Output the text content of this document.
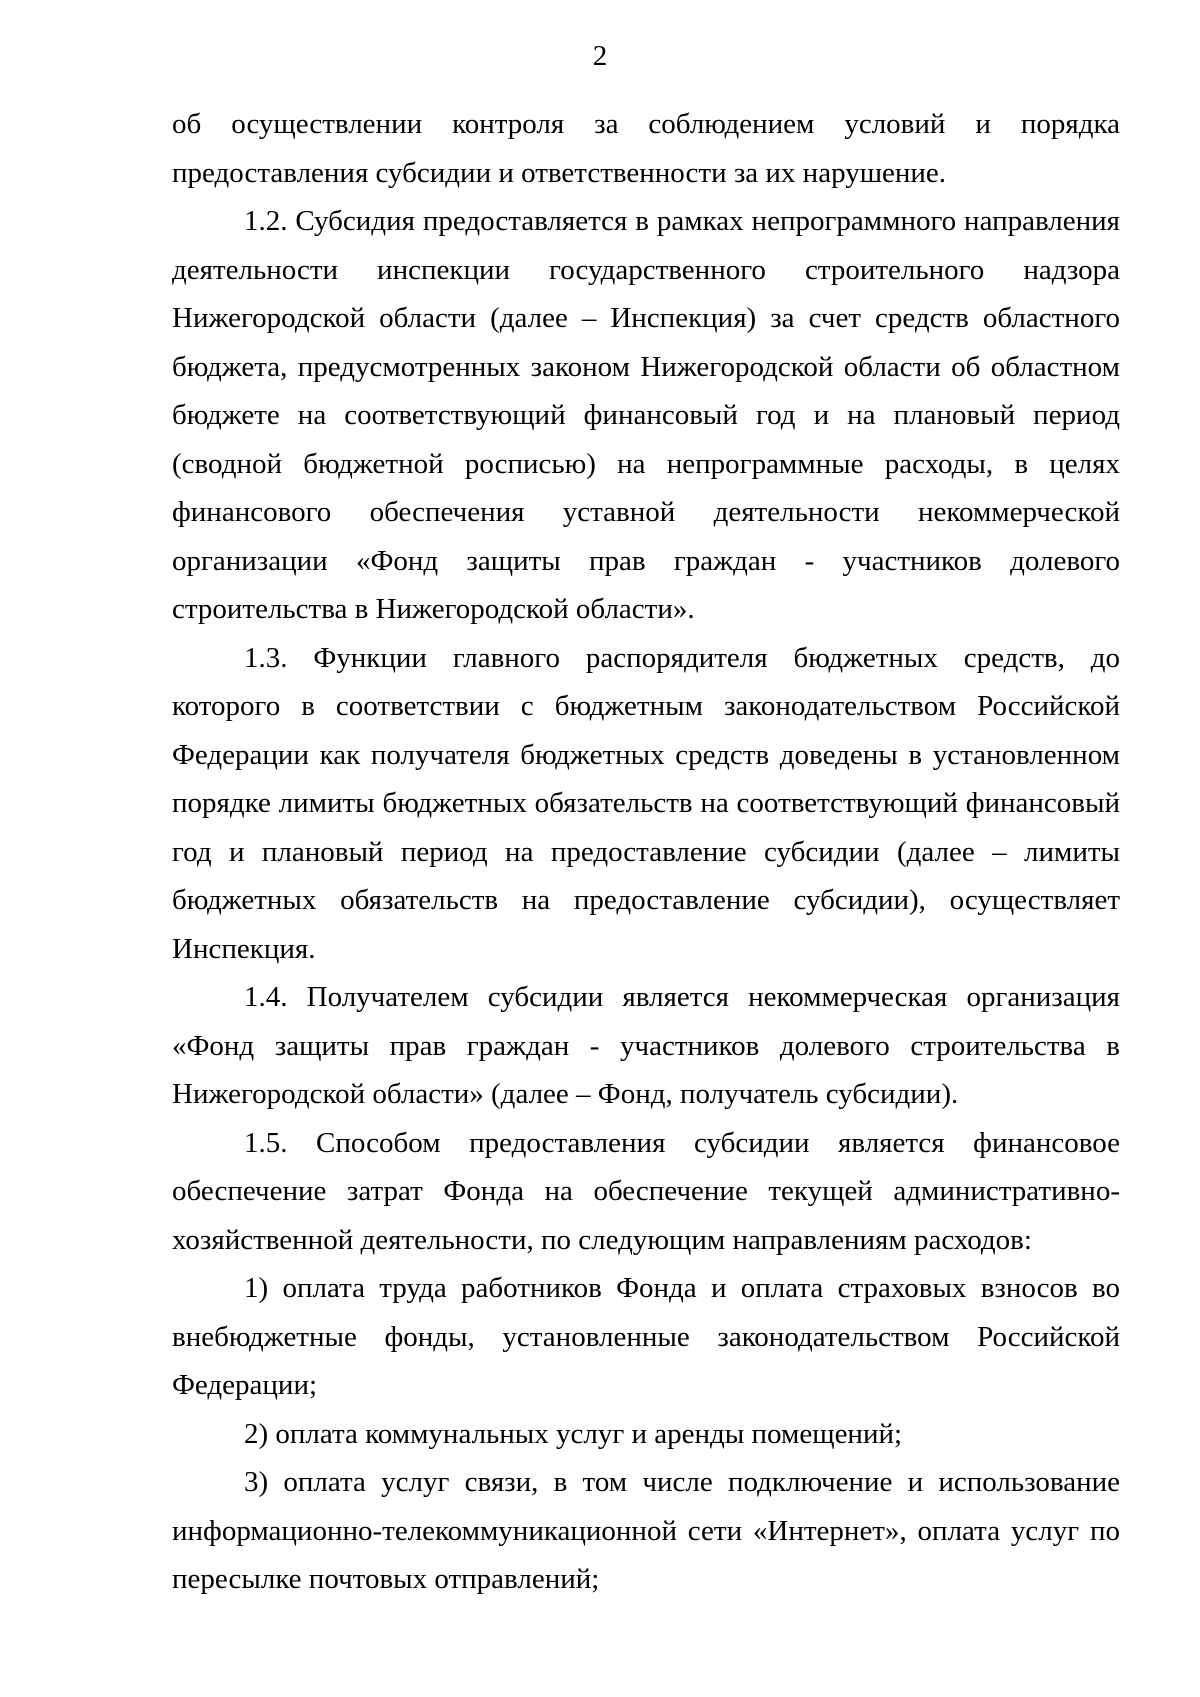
2

об осуществлении контроля за соблюдением условий и порядка предоставления субсидии и ответственности за их нарушение.

1.2. Субсидия предоставляется в рамках непрограммного направления деятельности инспекции государственного строительного надзора Нижегородской области (далее – Инспекция) за счет средств областного бюджета, предусмотренных законом Нижегородской области об областном бюджете на соответствующий финансовый год и на плановый период (сводной бюджетной росписью) на непрограммные расходы, в целях финансового обеспечения уставной деятельности некоммерческой организации «Фонд защиты прав граждан - участников долевого строительства в Нижегородской области».

1.3. Функции главного распорядителя бюджетных средств, до которого в соответствии с бюджетным законодательством Российской Федерации как получателя бюджетных средств доведены в установленном порядке лимиты бюджетных обязательств на соответствующий финансовый год и плановый период на предоставление субсидии (далее – лимиты бюджетных обязательств на предоставление субсидии), осуществляет Инспекция.

1.4. Получателем субсидии является некоммерческая организация «Фонд защиты прав граждан - участников долевого строительства в Нижегородской области» (далее – Фонд, получатель субсидии).

1.5. Способом предоставления субсидии является финансовое обеспечение затрат Фонда на обеспечение текущей административно-хозяйственной деятельности, по следующим направлениям расходов:

1) оплата труда работников Фонда и оплата страховых взносов во внебюджетные фонды, установленные законодательством Российской Федерации;

2) оплата коммунальных услуг и аренды помещений;

3) оплата услуг связи, в том числе подключение и использование информационно-телекоммуникационной сети «Интернет», оплата услуг по пересылке почтовых отправлений;
